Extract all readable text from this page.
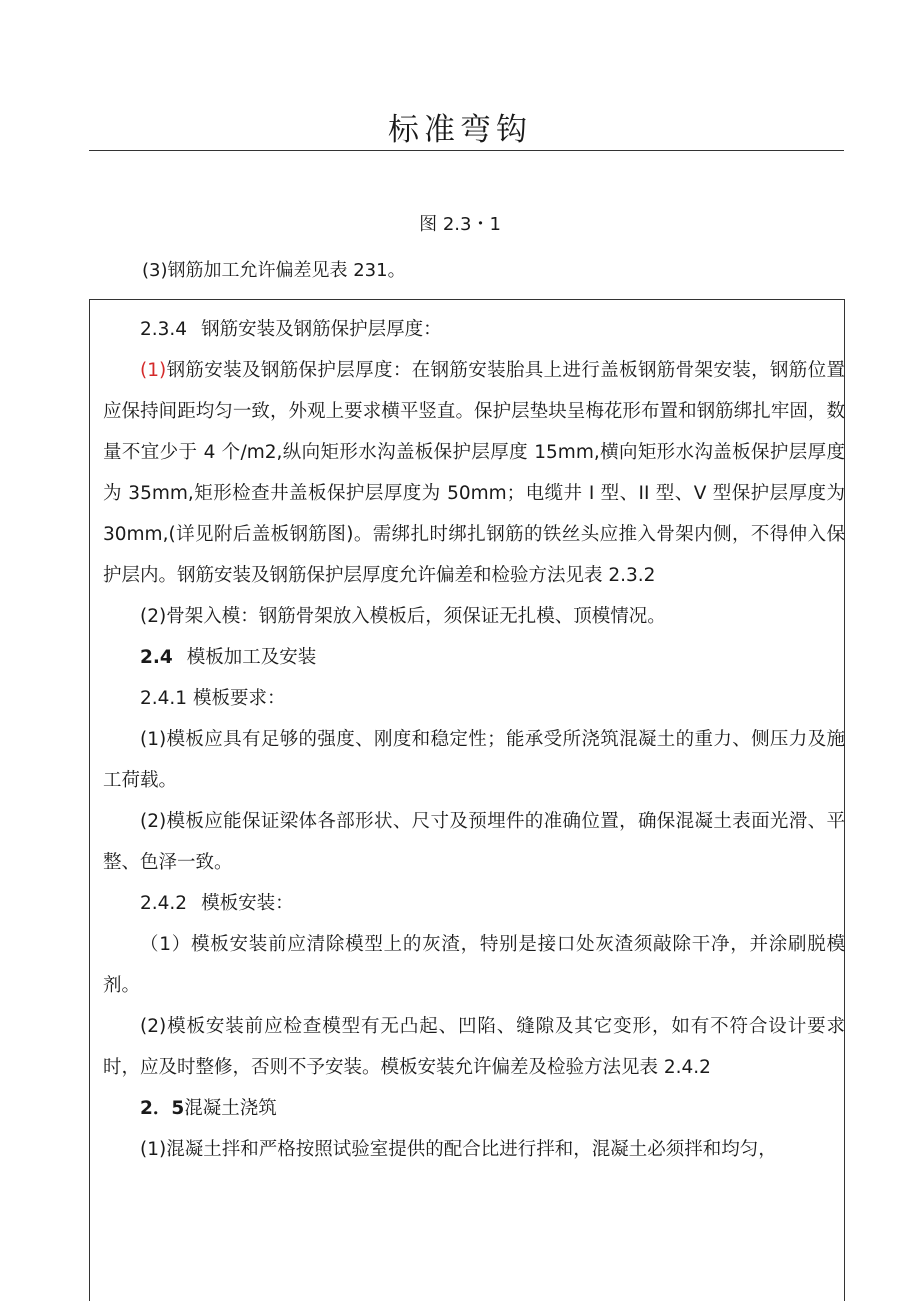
标准弯钩
图 2.3・1
(3)钢筋加工允许偏差见表 231。

2.3.4 钢筋安装及钢筋保护层厚度：

(1)钢筋安装及钢筋保护层厚度：在钢筋安装胎具上进行盖板钢筋骨架安装，钢筋位置应保持间距均匀一致，外观上要求横平竖直。保护层垫块呈梅花形布置和钢筋绑扎牢固，数量不宜少于 4 个/m2,纵向矩形水沟盖板保护层厚度 15mm,横向矩形水沟盖板保护层厚度为 35mm,矩形检查井盖板保护层厚度为 50mm；电缆井 I 型、II 型、V 型保护层厚度为 30mm,(详见附后盖板钢筋图)。需绑扎时绑扎钢筋的铁丝头应推入骨架内侧，不得伸入保护层内。钢筋安装及钢筋保护层厚度允许偏差和检验方法见表 2.3.2

(2)骨架入模：钢筋骨架放入模板后，须保证无扎模、顶模情况。

2.4 模板加工及安装

2.4.1 模板要求：

(1)模板应具有足够的强度、刚度和稳定性；能承受所浇筑混凝土的重力、侧压力及施工荷载。

(2)模板应能保证梁体各部形状、尺寸及预埋件的准确位置，确保混凝土表面光滑、平整、色泽一致。

2.4.2 模板安装：

（1）模板安装前应清除模型上的灰渣，特别是接口处灰渣须敲除干净，并涂刷脱模剂。

(2)模板安装前应检查模型有无凸起、凹陷、缝隙及其它变形，如有不符合设计要求时，应及时整修，否则不予安装。模板安装允许偏差及检验方法见表 2.4.2

2．5混凝土浇筑

(1)混凝土拌和严格按照试验室提供的配合比进行拌和，混凝土必须拌和均匀，
